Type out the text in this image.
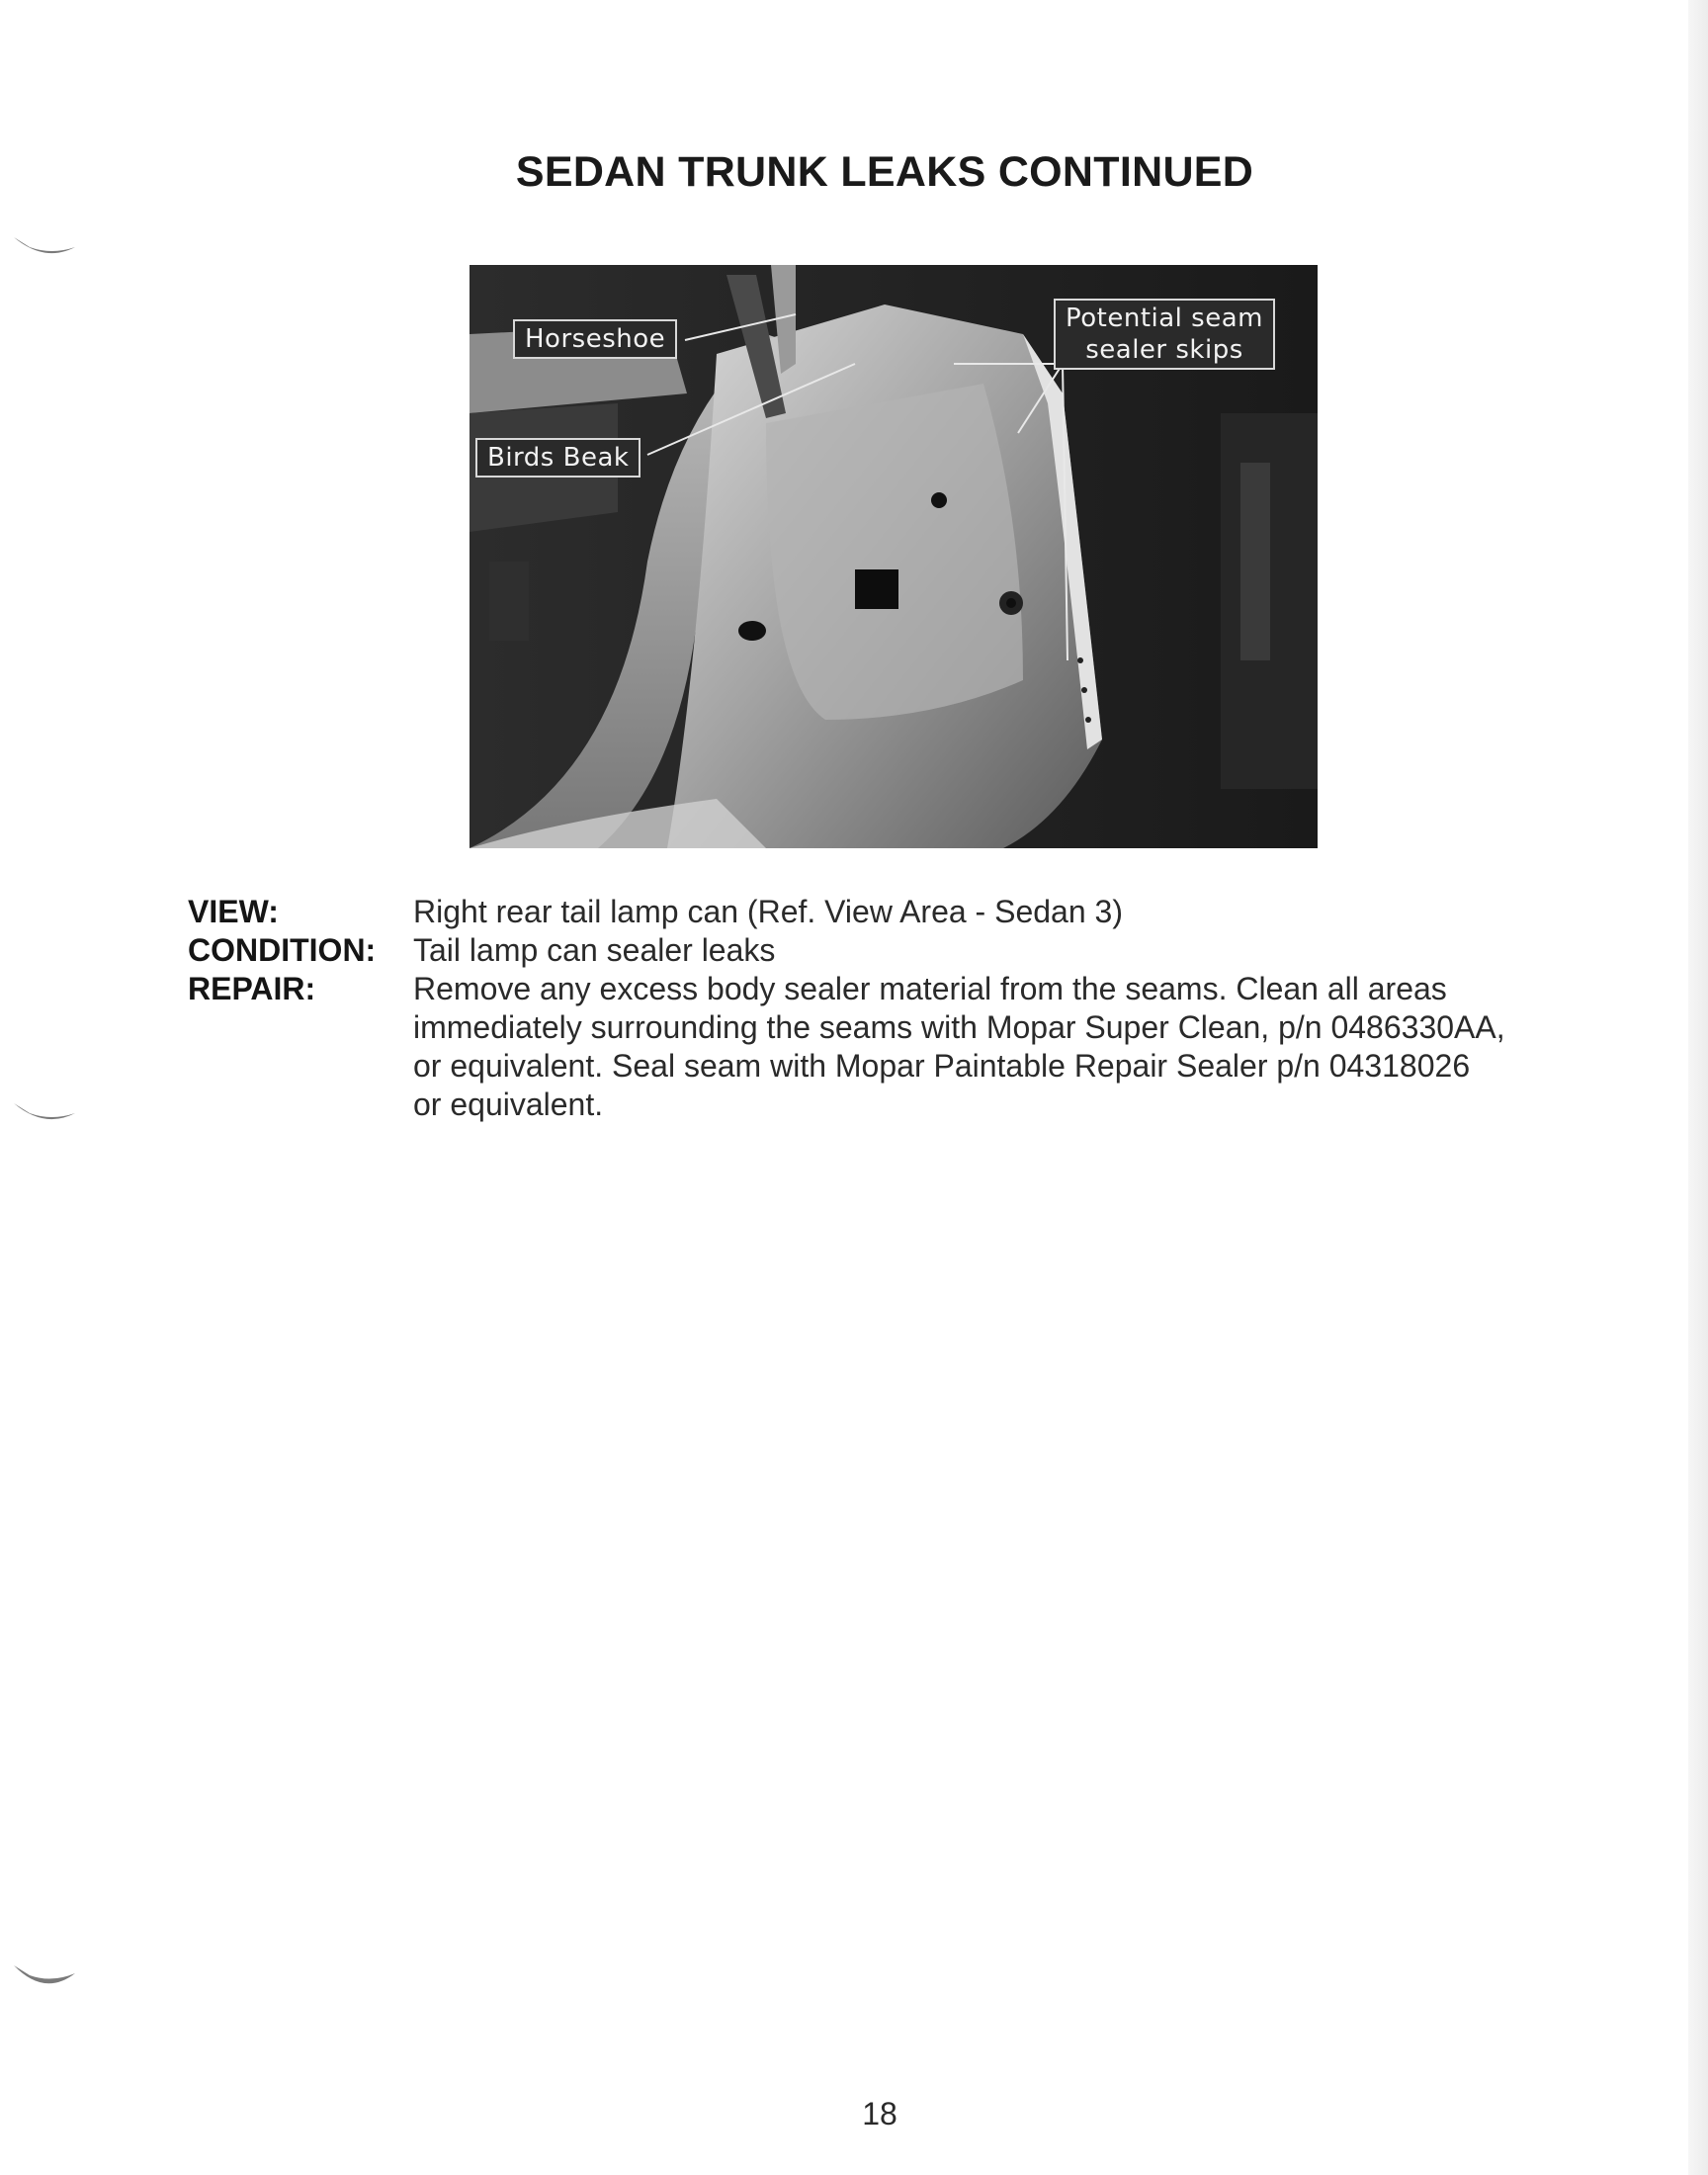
SEDAN TRUNK LEAKS CONTINUED
Horseshoe
Birds Beak
Potential seam
sealer skips
VIEW:	Right rear tail lamp can (Ref. View Area - Sedan 3)
CONDITION: Tail lamp can sealer leaks
REPAIR:	Remove any excess body sealer material from the seams. Clean all areas
immediately surrounding the seams with Mopar Super Clean, p/n 0486330AA,
or equivalent. Seal seam with Mopar Paintable Repair Sealer p/n 04318026
or equivalent.
18
